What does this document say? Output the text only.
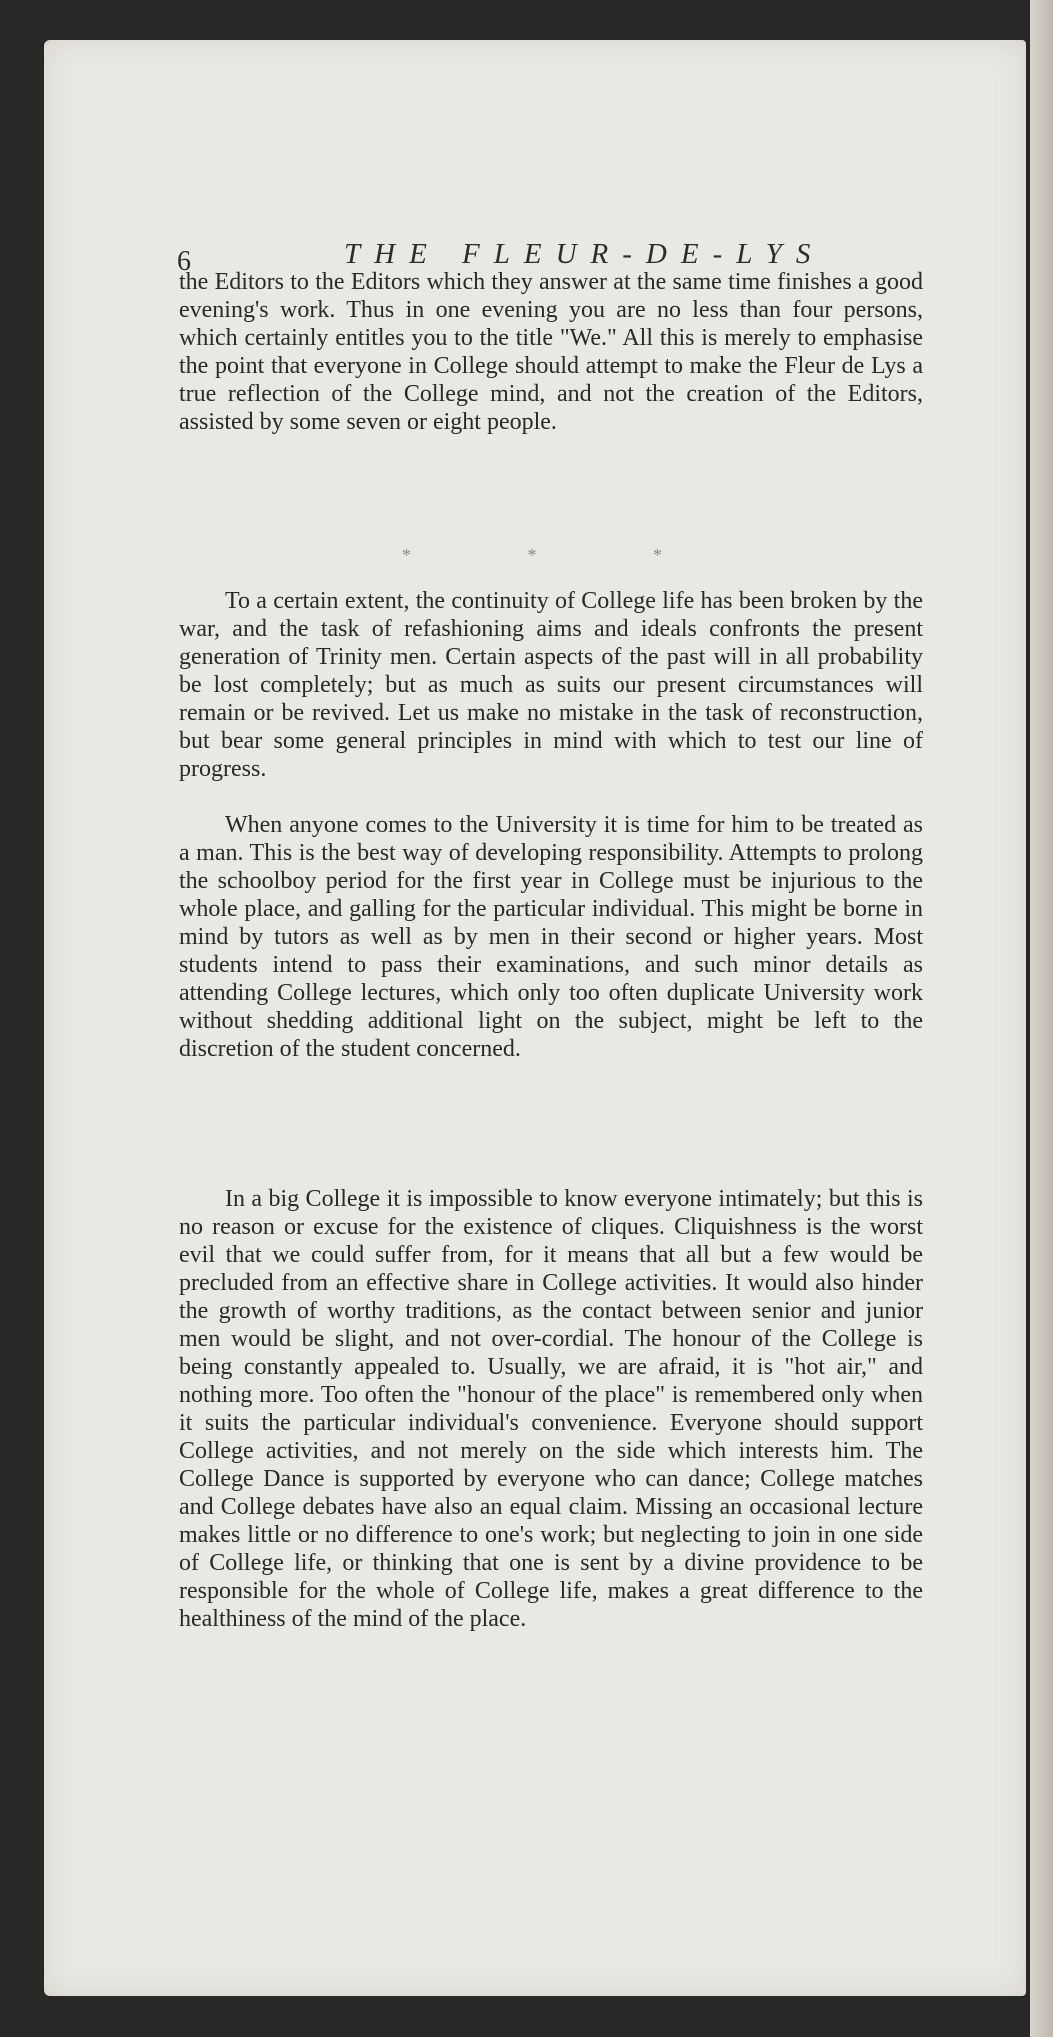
6	THE FLEUR-DE-LYS

the Editors to the Editors which they answer at the same time finishes a good evening's work. Thus in one evening you are no less than four persons, which certainly entitles you to the title "We." All this is merely to emphasise the point that everyone in College should attempt to make the Fleur de Lys a true reflection of the College mind, and not the creation of the Editors, assisted by some seven or eight people.

*	*	*

To a certain extent, the continuity of College life has been broken by the war, and the task of refashioning aims and ideals confronts the present generation of Trinity men. Certain aspects of the past will in all probability be lost completely; but as much as suits our present circumstances will remain or be revived. Let us make no mistake in the task of reconstruction, but bear some general principles in mind with which to test our line of progress.

When anyone comes to the University it is time for him to be treated as a man. This is the best way of developing responsibility. Attempts to prolong the schoolboy period for the first year in College must be injurious to the whole place, and galling for the particular individual. This might be borne in mind by tutors as well as by men in their second or higher years. Most students intend to pass their examinations, and such minor details as attending College lectures, which only too often duplicate University work without shedding additional light on the subject, might be left to the discretion of the student concerned.

In a big College it is impossible to know everyone intimately; but this is no reason or excuse for the existence of cliques. Cliquishness is the worst evil that we could suffer from, for it means that all but a few would be precluded from an effective share in College activities. It would also hinder the growth of worthy traditions, as the contact between senior and junior men would be slight, and not over-cordial. The honour of the College is being constantly appealed to. Usually, we are afraid, it is "hot air," and nothing more. Too often the "honour of the place" is remembered only when it suits the particular individual's convenience. Everyone should support College activities, and not merely on the side which interests him. The College Dance is supported by everyone who can dance; College matches and College debates have also an equal claim. Missing an occasional lecture makes little or no difference to one's work; but neglecting to join in one side of College life, or thinking that one is sent by a divine providence to be responsible for the whole of College life, makes a great difference to the healthiness of the mind of the place.
